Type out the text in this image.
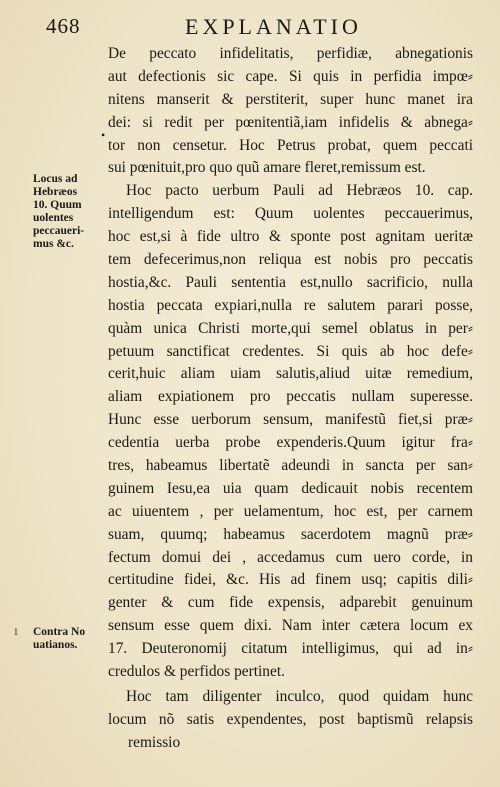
468	EXPLANATIO
•
ı
Locus ad
Hebræos
10. Quum
uolentes
peccaueri-
mus &c.
Contra No
uatianos.
De peccato infidelitatis, perfidiæ, abnegationis
aut defectionis sic cape. Si quis in perfidia impœ⸗
nitens manserit & perstiterit, super hunc manet ira
dei: si redit per pœnitentiã,iam infidelis & abnega⸗
tor non censetur. Hoc Petrus probat, quem peccati
sui pœnituit,pro quo quũ amare fleret,remissum est.
Hoc pacto uerbum Pauli ad Hebræos 10. cap.
intelligendum est: Quum uolentes peccauerimus,
hoc est,si à fide ultro & sponte post agnitam ueritæ
tem defecerimus,non reliqua est nobis pro peccatis
hostia,&c. Pauli sententia est,nullo sacrificio, nulla
hostia peccata expiari,nulla re salutem parari posse,
quàm unica Christi morte,qui semel oblatus in per⸗
petuum sanctificat credentes. Si quis ab hoc defe⸗
cerit,huic aliam uiam salutis,aliud uitæ remedium,
aliam expiationem pro peccatis nullam superesse.
Hunc esse uerborum sensum, manifestũ fiet,si præ⸗
cedentia uerba probe expenderis.Quum igitur fra⸗
tres, habeamus libertatẽ adeundi in sancta per san⸗
guinem Iesu,ea uia quam dedicauit nobis recentem
ac uiuentem , per uelamentum, hoc est, per carnem
suam, quumq; habeamus sacerdotem magnũ præ⸗
fectum domui dei , accedamus cum uero corde, in
certitudine fidei, &c. His ad finem usq; capitis dili⸗
genter & cum fide expensis, adparebit genuinum
sensum esse quem dixi. Nam inter cætera locum ex
17. Deuteronomij citatum intelligimus, qui ad in⸗
credulos & perfidos pertinet.
Hoc tam diligenter inculco, quod quidam hunc
locum nõ satis expendentes, post baptismũ relapsis
remissio
